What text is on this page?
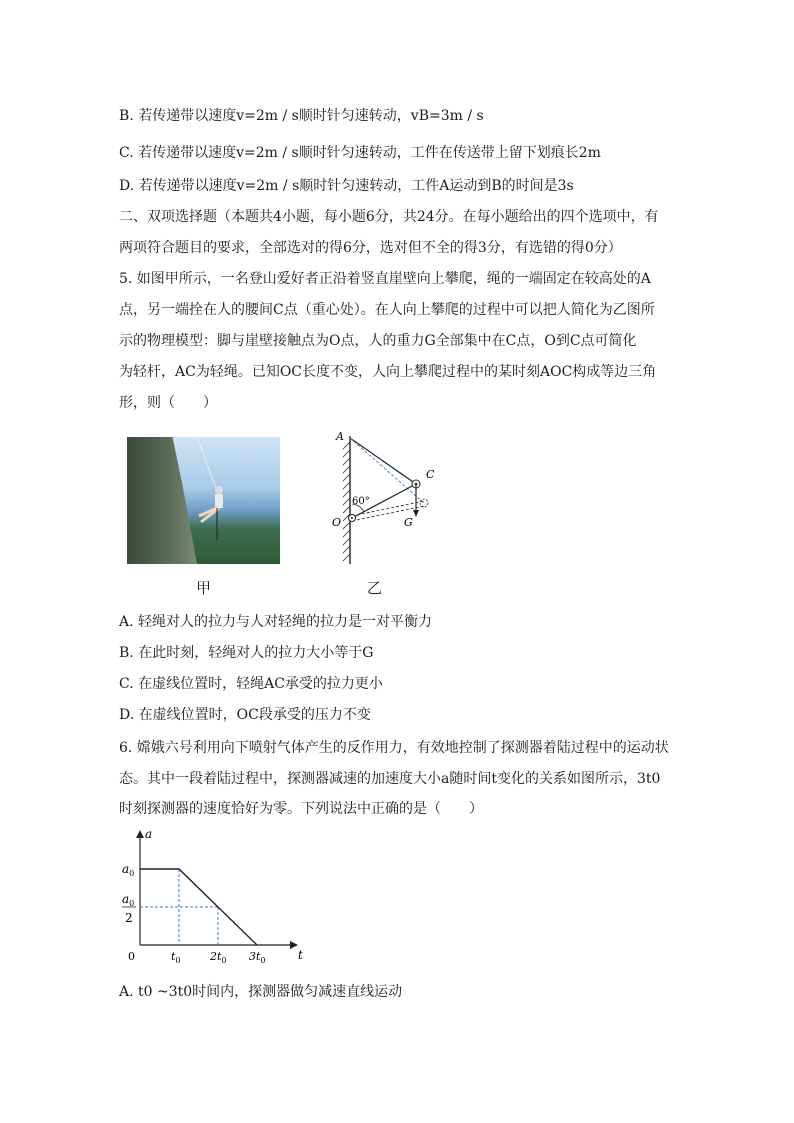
B. 若传递带以速度v=2m / s顺时针匀速转动，vB=3m / s
C. 若传递带以速度v=2m / s顺时针匀速转动，工件在传送带上留下划痕长2m
D. 若传递带以速度v=2m / s顺时针匀速转动，工件A运动到B的时间是3s
二、双项选择题（本题共4小题，每小题6分，共24分。在每小题给出的四个选项中，有
两项符合题目的要求，全部选对的得6分，选对但不全的得3分，有选错的得0分）
5. 如图甲所示，一名登山爱好者正沿着竖直崖壁向上攀爬，绳的一端固定在较高处的A
点，另一端拴在人的腰间C点（重心处）。在人向上攀爬的过程中可以把人简化为乙图所
示的物理模型：脚与崖壁接触点为O点，人的重力G全部集中在C点，O到C点可简化
为轻杆，AC为轻绳。已知OC长度不变，人向上攀爬过程中的某时刻AOC构成等边三角
形，则（　　）
甲
A
C
O	G
60°
乙
A. 轻绳对人的拉力与人对轻绳的拉力是一对平衡力
B. 在此时刻，轻绳对人的拉力大小等于G
C. 在虚线位置时，轻绳AC承受的拉力更小
D. 在虚线位置时，OC段承受的压力不变
6. 嫦娥六号利用向下喷射气体产生的反作用力，有效地控制了探测器着陆过程中的运动状
态。其中一段着陆过程中，探测器减速的加速度大小a随时间t变化的关系如图所示，3t0
时刻探测器的速度恰好为零。下列说法中正确的是（　　）
t
a
0	$t_0$	$2t_0$ $3t_0$
$a_0$
$a_0$
2
A. t0 ~3t0时间内，探测器做匀减速直线运动
